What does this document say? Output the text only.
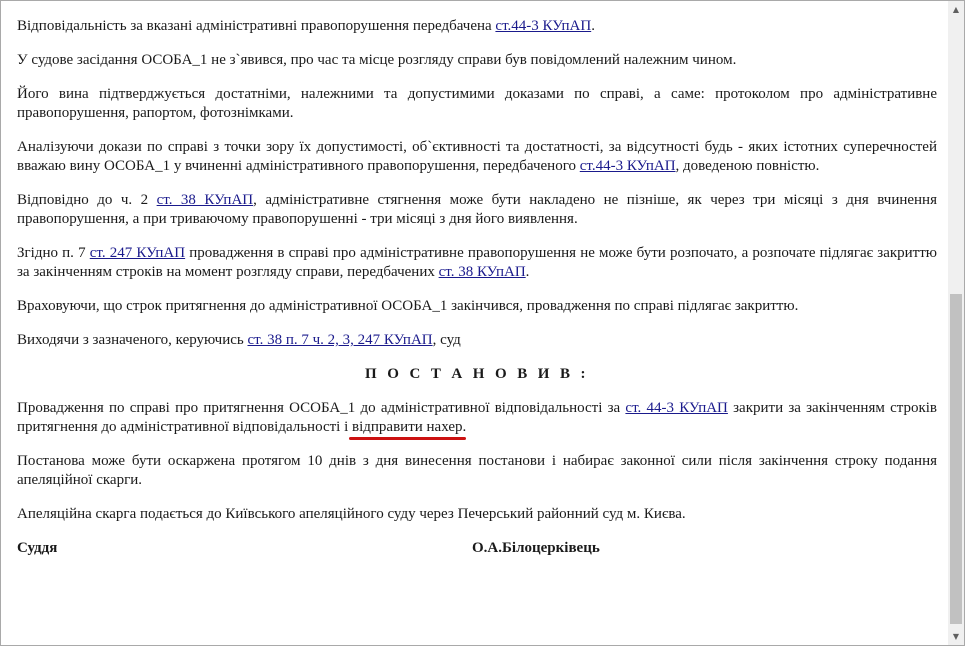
Відповідальність за вказані адміністративні правопорушення передбачена ст.44-3 КУпАП.

У судове засідання ОСОБА_1 не з`явився, про час та місце розгляду справи був повідомлений належним чином.

Його вина підтверджується достатніми, належними та допустимими доказами по справі, а саме: протоколом про адміністративне правопорушення, рапортом, фотознімками.

Аналізуючи докази по справі з точки зору їх допустимості, об`єктивності та достатності, за відсутності будь - яких істотних суперечностей вважаю вину ОСОБА_1 у вчиненні адміністративного правопорушення, передбаченого ст.44-3 КУпАП, доведеною повністю.

Відповідно до ч. 2 ст. 38 КУпАП, адміністративне стягнення може бути накладено не пізніше, як через три місяці з дня вчинення правопорушення, а при триваючому правопорушенні - три місяці з дня його виявлення.

Згідно п. 7 ст. 247 КУпАП провадження в справі про адміністративне правопорушення не може бути розпочато, а розпочате підлягає закриттю за закінченням строків на момент розгляду справи, передбачених ст. 38 КУпАП.

Враховуючи, що строк притягнення до адміністративної ОСОБА_1 закінчився, провадження по справі підлягає закриттю.

Виходячи з зазначеного, керуючись ст. 38 п. 7 ч. 2, 3, 247 КУпАП, суд

П О С Т А Н О В И В :

Провадження по справі про притягнення ОСОБА_1 до адміністративної відповідальності за ст. 44-3 КУпАП закрити за закінченням строків притягнення до адміністративної відповідальності і відправити нахер.

Постанова може бути оскаржена протягом 10 днів з дня винесення постанови і набирає законної сили після закінчення строку подання апеляційної скарги.

Апеляційна скарга подається до Київського апеляційного суду через Печерський районний суд м. Києва.

Суддя	О.А.Білоцерківець
▲
▼
